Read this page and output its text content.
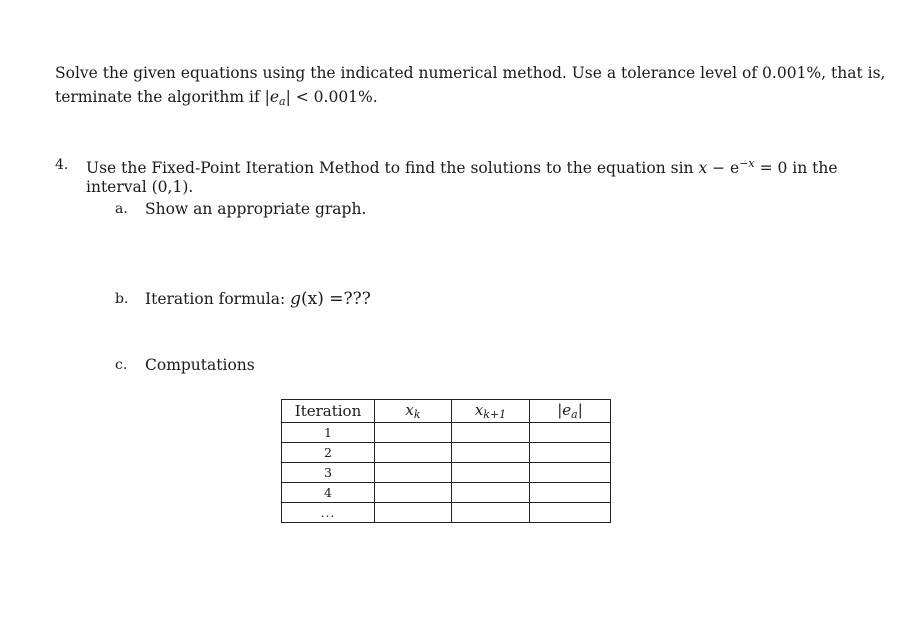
Solve the given equations using the indicated numerical method. Use a tolerance level of 0.001%, that is,
terminate the algorithm if $|e_a| < 0.001\%$.
4. Use the Fixed-Point Iteration Method to find the solutions to the equation $\sin x - e^{-x} = 0$ in the
interval (0,1).
a. Show an appropriate graph.
b. Iteration formula: g(x) =???
c. Computations
Iteration	$x_k$	$x_{k+1}$	$|e_a|$
1			
2			
3			
4			
...			
